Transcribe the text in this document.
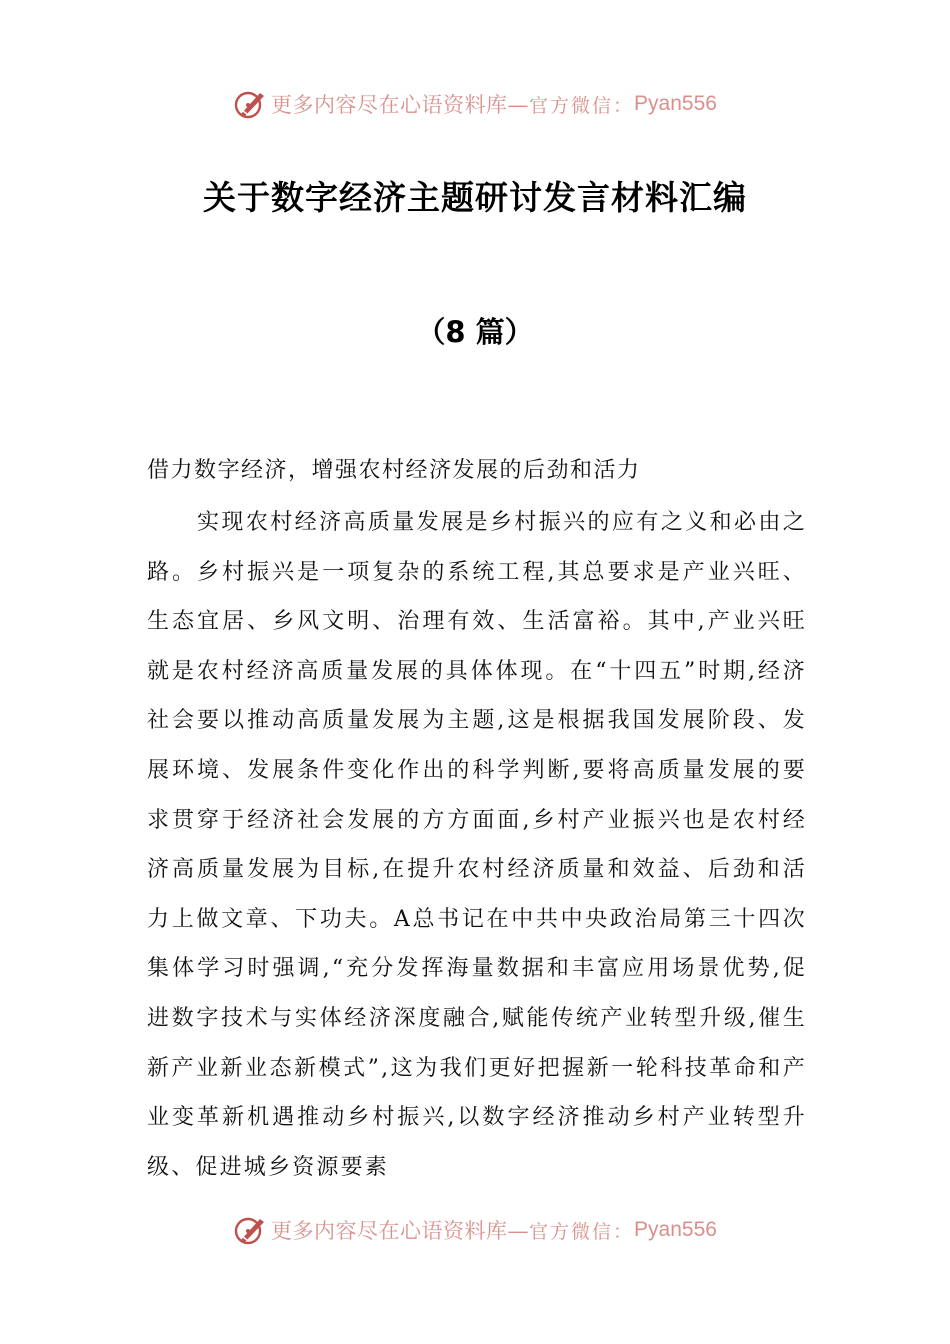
更多内容尽在心语资料库— 官方微信： Pyan556
关于数字经济主题研讨发言材料汇编
（8 篇）
借力数字经济，增强农村经济发展的后劲和活力

实现农村经济高质量发展是乡村振兴的应有之义和必由之路。乡村振兴是一项复杂的系统工程,其总要求是产业兴旺、生态宜居、乡风文明、治理有效、生活富裕。其中,产业兴旺就是农村经济高质量发展的具体体现。在“十四五”时期,经济社会要以推动高质量发展为主题,这是根据我国发展阶段、发展环境、发展条件变化作出的科学判断,要将高质量发展的要求贯穿于经济社会发展的方方面面,乡村产业振兴也是农村经济高质量发展为目标,在提升农村经济质量和效益、后劲和活力上做文章、下功夫。A总书记在中共中央政治局第三十四次集体学习时强调,“充分发挥海量数据和丰富应用场景优势,促进数字技术与实体经济深度融合,赋能传统产业转型升级,催生新产业新业态新模式”,这为我们更好把握新一轮科技革命和产业变革新机遇推动乡村振兴,以数字经济推动乡村产业转型升级、促进城乡资源要素

更多内容尽在心语资料库— 官方微信： Pyan556
